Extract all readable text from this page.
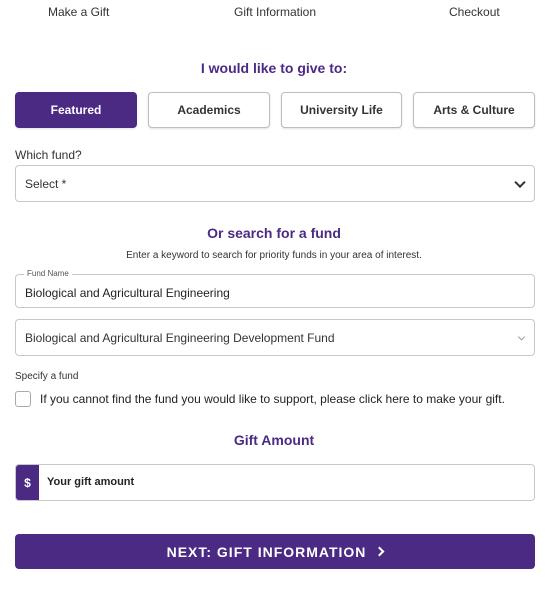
Make a Gift	Gift Information	Checkout
I would like to give to:
Featured	Academics	University Life	Arts & Culture
Which fund?
Select *
Or search for a fund
Enter a keyword to search for priority funds in your area of interest.
Fund Name
Biological and Agricultural Engineering
Biological and Agricultural Engineering Development Fund
Specify a fund
If you cannot find the fund you would like to support, please click here to make your gift.
Gift Amount
$	Your gift amount
NEXT: GIFT INFORMATION
